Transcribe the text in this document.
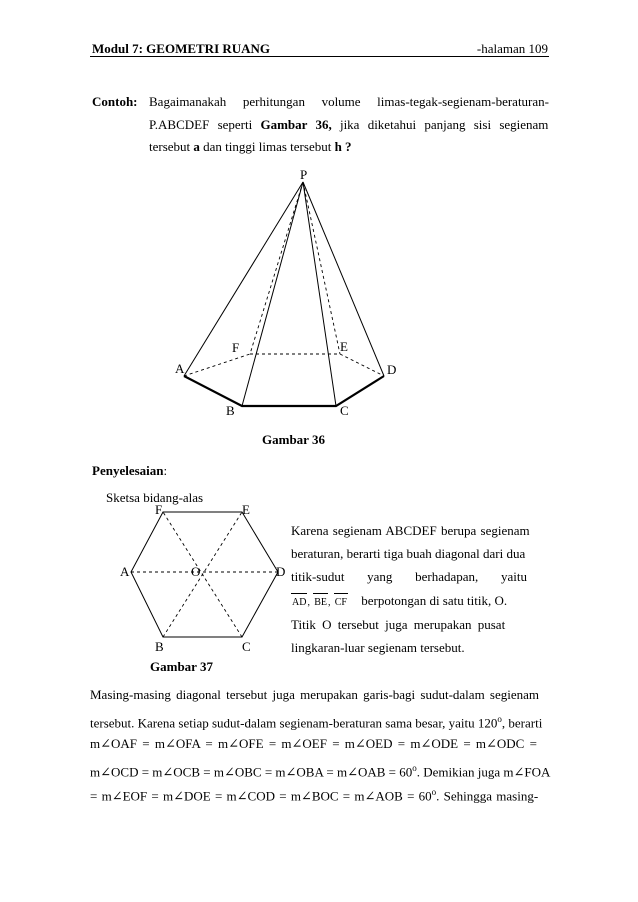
Modul 7: GEOMETRI RUANG	-halaman 109
Contoh: Bagaimanakah perhitungan volume limas-tegak-segienam-beraturan-
P.ABCDEF seperti Gambar 36, jika diketahui panjang sisi segienam
tersebut a dan tinggi limas tersebut h ?
P
A
B	C
D
E
F
Gambar 36
Penyelesaian:
Sketsa bidang-alas
F	E
A	D
O
B	C
Gambar 37
Karena segienam ABCDEF berupa segienam
beraturan, berarti tiga buah diagonal dari dua
titik-sudut yang berhadapan, yaitu
AD, BE, CF berpotongan di satu titik, O.
Titik O tersebut juga merupakan pusat
lingkaran-luar segienam tersebut.
Masing-masing diagonal tersebut juga merupakan garis-bagi sudut-dalam segienam
tersebut. Karena setiap sudut-dalam segienam-beraturan sama besar, yaitu 120$^o$, berarti
m∠OAF = m∠OFA = m∠OFE = m∠OEF = m∠OED = m∠ODE = m∠ODC =
m∠OCD = m∠OCB = m∠OBC = m∠OBA = m∠OAB = $60^o$. Demikian juga m∠FOA
= m∠EOF = m∠DOE = m∠COD = m∠BOC = m∠AOB = $60^o$. Sehingga masing-
